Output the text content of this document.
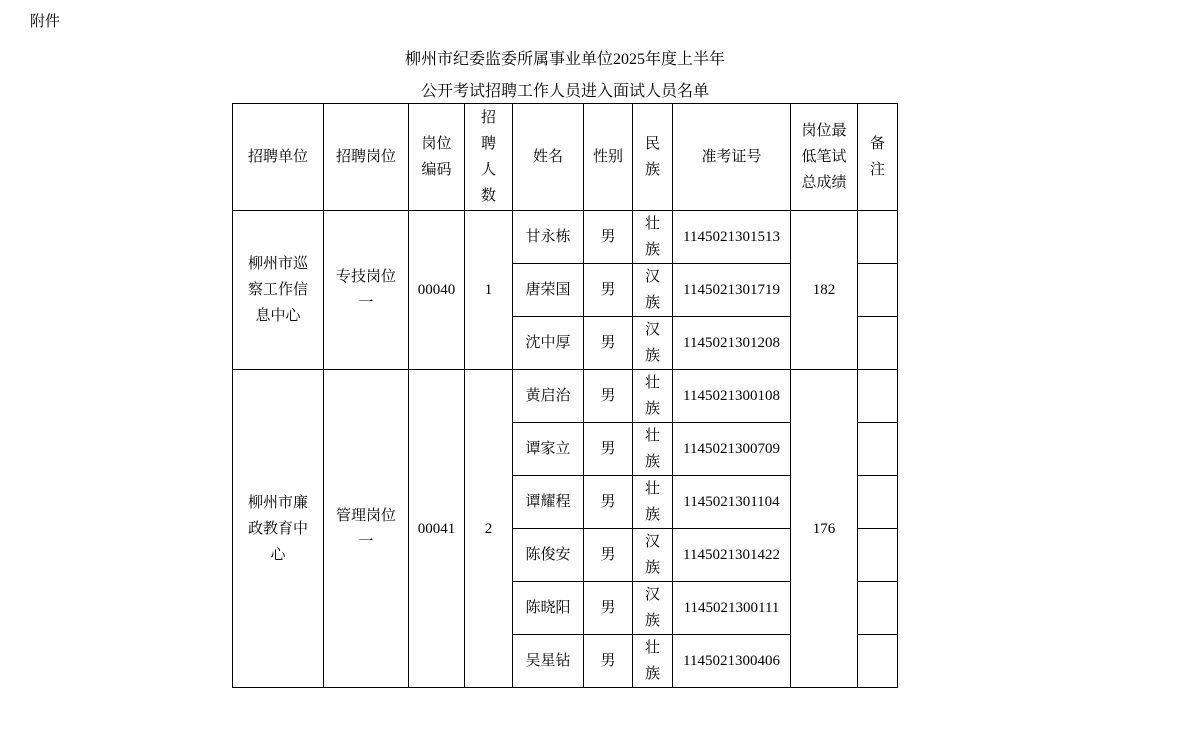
附件
柳州市纪委监委所属事业单位2025年度上半年
公开考试招聘工作人员进入面试人员名单
招聘单位	招聘岗位	岗位编码	招聘人数	姓名	性别	民族	准考证号	岗位最低笔试总成绩	备注
柳州市巡察工作信息中心	专技岗位一	00040	1	甘永栋	男	壮族	1145021301513	182	
				唐荣国	男	汉族	1145021301719		
				沈中厚	男	汉族	1145021301208		
柳州市廉政教育中心	管理岗位一	00041	2	黄启治	男	壮族	1145021300108	176	
				谭家立	男	壮族	1145021300709		
				谭耀程	男	壮族	1145021301104		
				陈俊安	男	汉族	1145021301422		
				陈晓阳	男	汉族	1145021300111		
				吴星钻	男	壮族	1145021300406		
